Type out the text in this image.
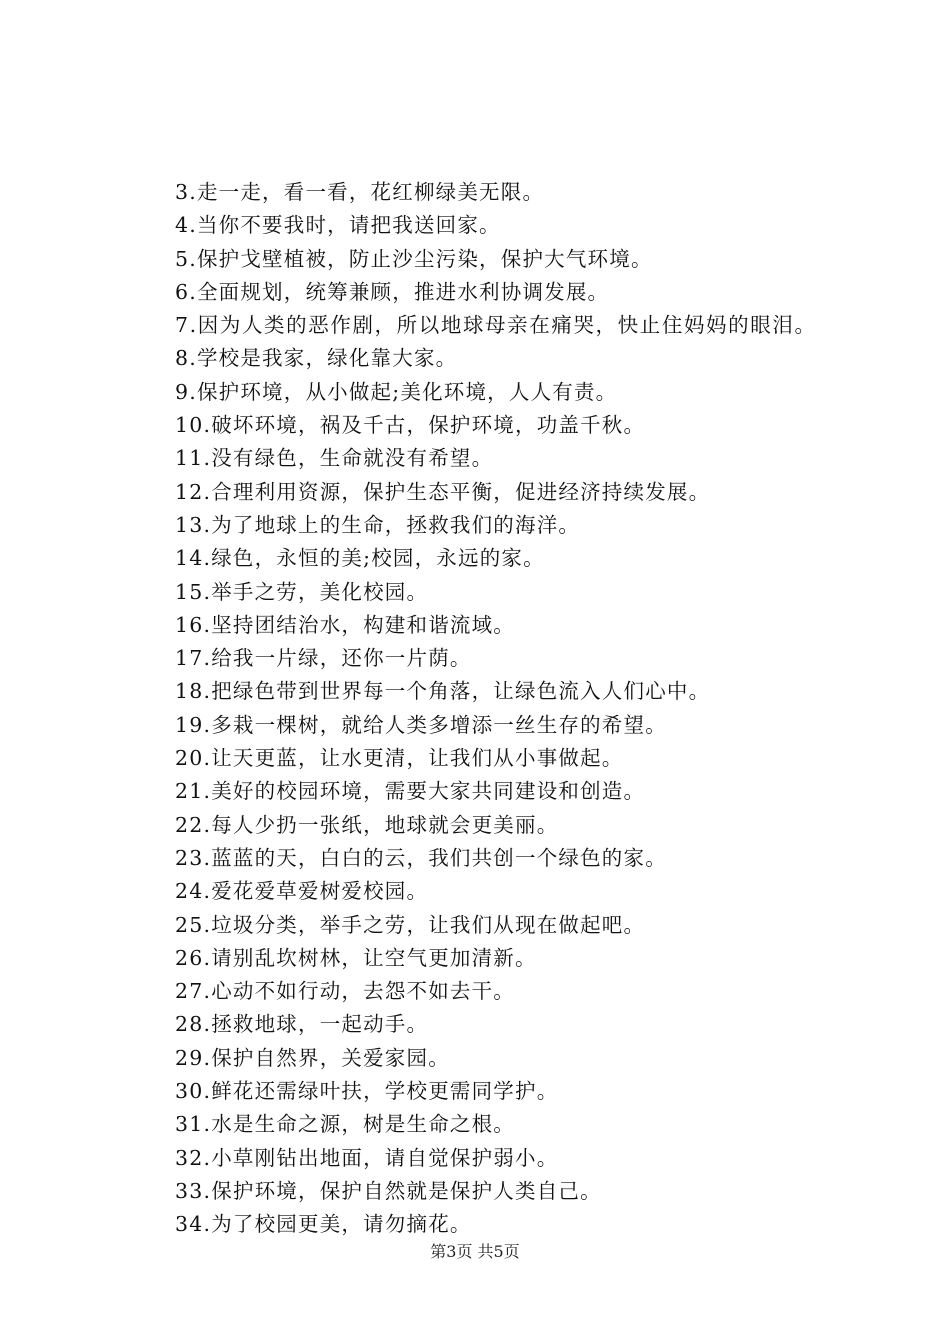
3.走一走，看一看，花红柳绿美无限。
4.当你不要我时，请把我送回家。
5.保护戈壁植被，防止沙尘污染，保护大气环境。
6.全面规划，统筹兼顾，推进水利协调发展。
7.因为人类的恶作剧，所以地球母亲在痛哭，快止住妈妈的眼泪。
8.学校是我家，绿化靠大家。
9.保护环境，从小做起;美化环境，人人有责。
10.破坏环境，祸及千古，保护环境，功盖千秋。
11.没有绿色，生命就没有希望。
12.合理利用资源，保护生态平衡，促进经济持续发展。
13.为了地球上的生命，拯救我们的海洋。
14.绿色，永恒的美;校园，永远的家。
15.举手之劳，美化校园。
16.坚持团结治水，构建和谐流域。
17.给我一片绿，还你一片荫。
18.把绿色带到世界每一个角落，让绿色流入人们心中。
19.多栽一棵树，就给人类多增添一丝生存的希望。
20.让天更蓝，让水更清，让我们从小事做起。
21.美好的校园环境，需要大家共同建设和创造。
22.每人少扔一张纸，地球就会更美丽。
23.蓝蓝的天，白白的云，我们共创一个绿色的家。
24.爱花爱草爱树爱校园。
25.垃圾分类，举手之劳，让我们从现在做起吧。
26.请别乱坎树林，让空气更加清新。
27.心动不如行动，去怨不如去干。
28.拯救地球，一起动手。
29.保护自然界，关爱家园。
30.鲜花还需绿叶扶，学校更需同学护。
31.水是生命之源，树是生命之根。
32.小草刚钻出地面，请自觉保护弱小。
33.保护环境，保护自然就是保护人类自己。
34.为了校园更美，请勿摘花。
第3页 共5页
